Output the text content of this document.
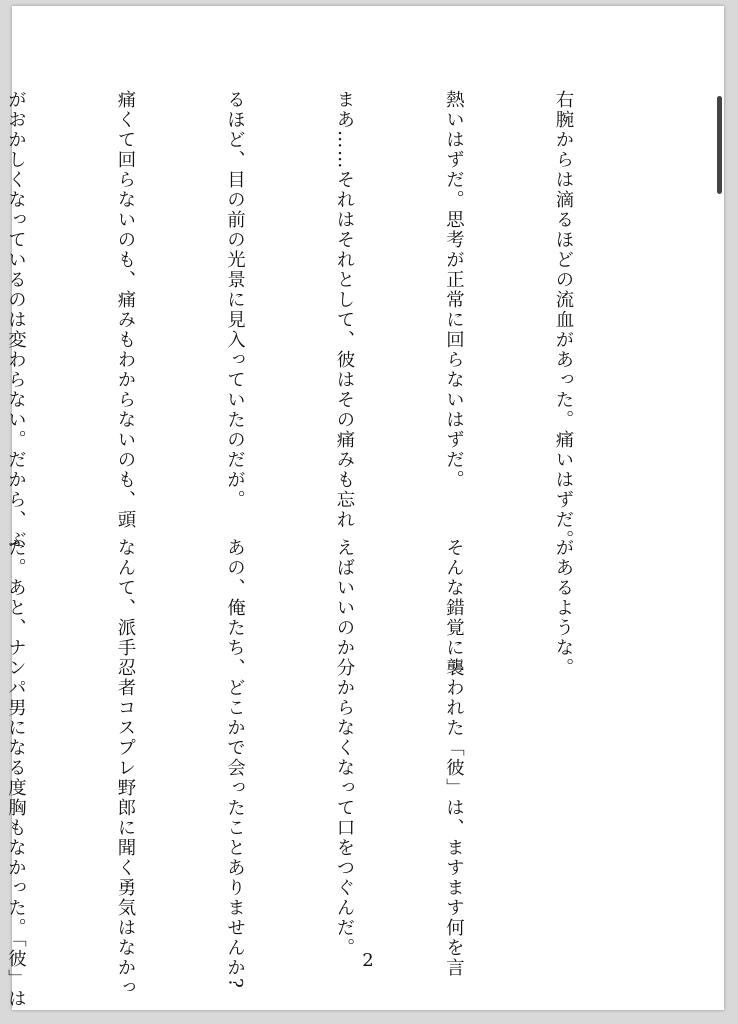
右腕からは滴るほどの流血があった。痛いはずだ。

熱いはずだ。思考が正常に回らないはずだ。

まあ……それはそれとして、彼はその痛みも忘れ

るほど、目の前の光景に見入っていたのだが。

痛くて回らないのも、痛みもわからないのも、頭

がおかしくなっているのは変わらない。だから、ぶ

があるような。

そんな錯覚に襲われた「彼」は、ますます何を言

えばいいのか分からなくなって口をつぐんだ。

あの、俺たち、どこかで会ったことありませんか?

なんて、派手忍者コスプレ野郎に聞く勇気はなかっ

た。あと、ナンパ男になる度胸もなかった。「彼」は

	2
